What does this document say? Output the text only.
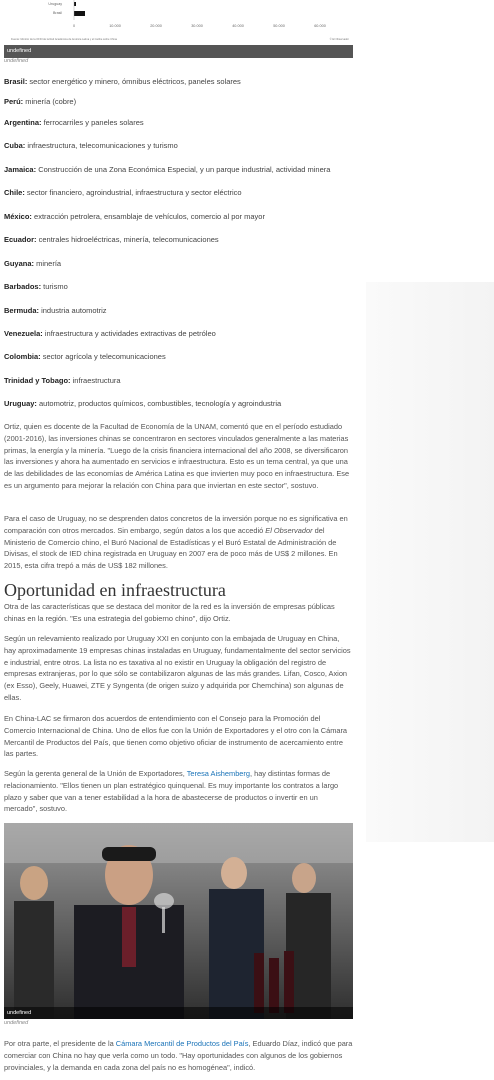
Uruguay
Brasil
0	10.000	20.000	30.000	40.000	50.000	60.000
Fuente: Monitor de la OFDI de la Red Académica de América Latina y el Caribe sobre China	© El Observador
undefined
undefined
Brasil: sector energético y minero, ómnibus eléctricos, paneles solares
Perú: minería (cobre)
Argentina: ferrocarriles y paneles solares
Cuba: infraestructura, telecomunicaciones y turismo
Jamaica: Construcción de una Zona Económica Especial, y un parque industrial, actividad minera
Chile: sector financiero, agroindustrial, infraestructura y sector eléctrico
México: extracción petrolera, ensamblaje de vehículos, comercio al por mayor
Ecuador: centrales hidroeléctricas, minería, telecomunicaciones
Guyana: minería
Barbados: turismo
Bermuda: industria automotriz
Venezuela: infraestructura y actividades extractivas de petróleo
Colombia: sector agrícola y telecomunicaciones
Trinidad y Tobago: infraestructura
Uruguay: automotriz, productos químicos, combustibles, tecnología y agroindustria

Ortiz, quien es docente de la Facultad de Economía de la UNAM, comentó que en el período estudiado (2001-2016), las inversiones chinas se concentraron en sectores vinculados generalmente a las materias primas, la energía y la minería. "Luego de la crisis financiera internacional del año 2008, se diversificaron las inversiones y ahora ha aumentado en servicios e infraestructura. Esto es un tema central, ya que una de las debilidades de las economías de América Latina es que invierten muy poco en infraestructura. Ese es un argumento para mejorar la relación con China para que inviertan en este sector", sostuvo.

Para el caso de Uruguay, no se desprenden datos concretos de la inversión porque no es significativa en comparación con otros mercados. Sin embargo, según datos a los que accedió El Observador del Ministerio de Comercio chino, el Buró Nacional de Estadísticas y el Buró Estatal de Administración de Divisas, el stock de IED china registrada en Uruguay en 2007 era de poco más de US$ 2 millones. En 2015, esta cifra trepó a más de US$ 182 millones.

Oportunidad en infraestructura

Otra de las características que se destaca del monitor de la red es la inversión de empresas públicas chinas en la región. "Es una estrategia del gobierno chino", dijo Ortiz.

Según un relevamiento realizado por Uruguay XXI en conjunto con la embajada de Uruguay en China, hay aproximadamente 19 empresas chinas instaladas en Uruguay, fundamentalmente del sector servicios e industrial, entre otros. La lista no es taxativa al no existir en Uruguay la obligación del registro de empresas extranjeras, por lo que sólo se contabilizaron algunas de las más grandes. Lifan, Cosco, Axion (ex Esso), Geely, Huawei, ZTE y Syngenta (de origen suizo y adquirida por Chemchina) son algunas de ellas.

En China-LAC se firmaron dos acuerdos de entendimiento con el Consejo para la Promoción del Comercio Internacional de China. Uno de ellos fue con la Unión de Exportadores y el otro con la Cámara Mercantil de Productos del País, que tienen como objetivo oficiar de instrumento de acercamiento entre las partes.

Según la gerenta general de la Unión de Exportadores, Teresa Aishemberg, hay distintas formas de relacionamiento. "Ellos tienen un plan estratégico quinquenal. Es muy importante los contratos a largo plazo y saber que van a tener estabilidad a la hora de abastecerse de productos o invertir en un mercado", sostuvo.

undefined
undefined

Por otra parte, el presidente de la Cámara Mercantil de Productos del País, Eduardo Díaz, indicó que para comerciar con China no hay que verla como un todo. "Hay oportunidades con algunos de los gobiernos provinciales, y la demanda en cada zona del país no es homogénea", indicó.
